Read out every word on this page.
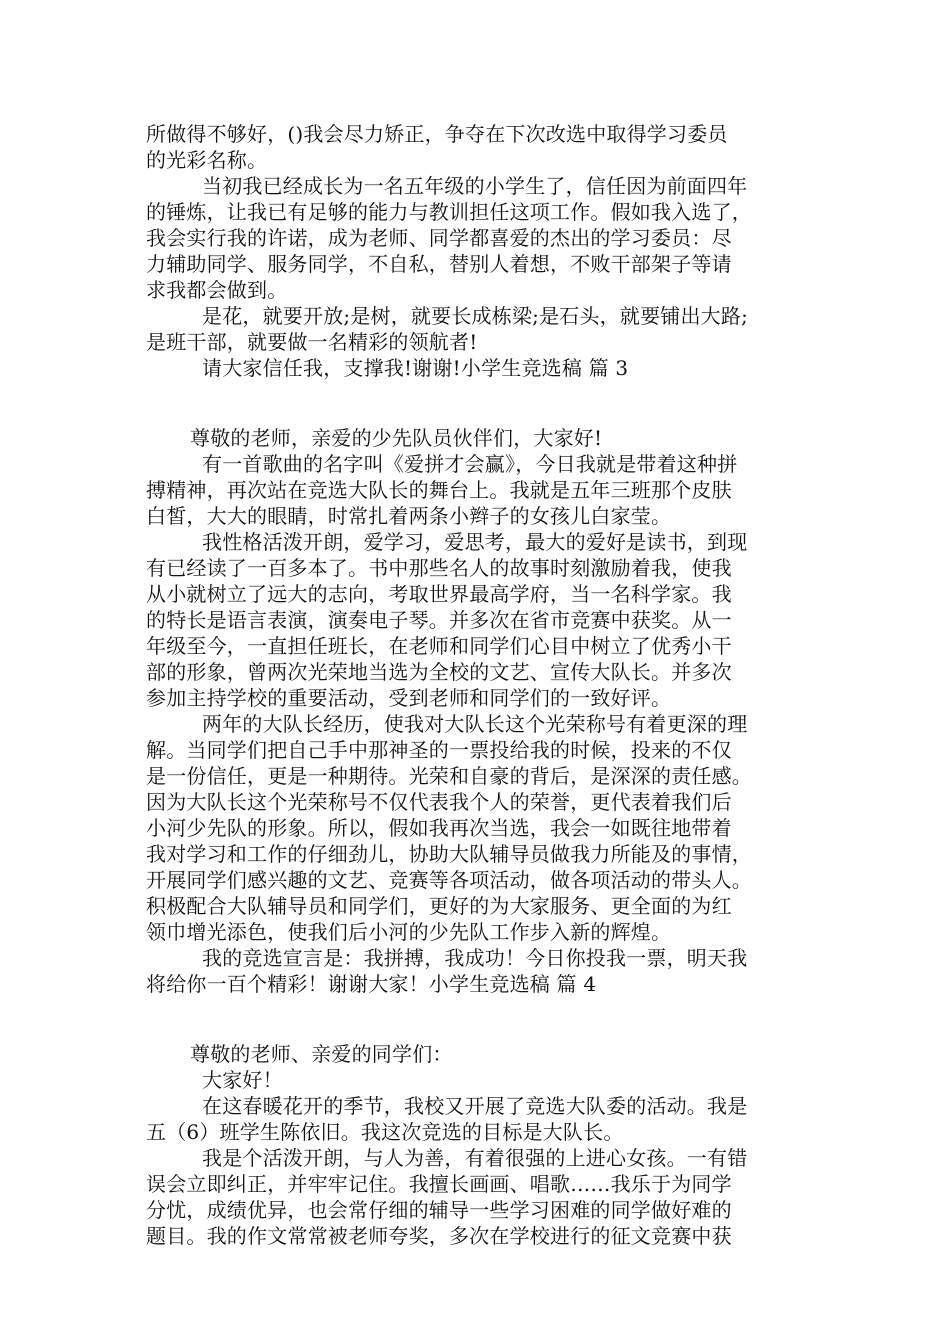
所做得不够好，()我会尽力矫正，争夺在下次改选中取得学习委员
的光彩名称。
当初我已经成长为一名五年级的小学生了，信任因为前面四年
的锤炼，让我已有足够的能力与教训担任这项工作。假如我入选了，
我会实行我的许诺，成为老师、同学都喜爱的杰出的学习委员：尽
力辅助同学、服务同学，不自私，替别人着想，不败干部架子等请
求我都会做到。
是花，就要开放;是树，就要长成栋梁;是石头，就要铺出大路;
是班干部，就要做一名精彩的领航者!
请大家信任我，支撑我!谢谢!小学生竞选稿 篇 3
尊敬的老师，亲爱的少先队员伙伴们，大家好!
有一首歌曲的名字叫《爱拼才会赢》，今日我就是带着这种拼
搏精神，再次站在竞选大队长的舞台上。我就是五年三班那个皮肤
白皙，大大的眼睛，时常扎着两条小辫子的女孩儿白家莹。
我性格活泼开朗，爱学习，爱思考，最大的爱好是读书，到现
有已经读了一百多本了。书中那些名人的故事时刻激励着我，使我
从小就树立了远大的志向，考取世界最高学府，当一名科学家。我
的特长是语言表演，演奏电子琴。并多次在省市竞赛中获奖。从一
年级至今，一直担任班长，在老师和同学们心目中树立了优秀小干
部的形象，曾两次光荣地当选为全校的文艺、宣传大队长。并多次
参加主持学校的重要活动，受到老师和同学们的一致好评。
两年的大队长经历，使我对大队长这个光荣称号有着更深的理
解。当同学们把自己手中那神圣的一票投给我的时候，投来的不仅
是一份信任，更是一种期待。光荣和自豪的背后，是深深的责任感。
因为大队长这个光荣称号不仅代表我个人的荣誉，更代表着我们后
小河少先队的形象。所以，假如我再次当选，我会一如既往地带着
我对学习和工作的仔细劲儿，协助大队辅导员做我力所能及的事情，
开展同学们感兴趣的文艺、竞赛等各项活动，做各项活动的带头人。
积极配合大队辅导员和同学们，更好的为大家服务、更全面的为红
领巾增光添色，使我们后小河的少先队工作步入新的辉煌。
我的竞选宣言是：我拼搏，我成功！今日你投我一票，明天我
将给你一百个精彩！谢谢大家！小学生竞选稿 篇 4
尊敬的老师、亲爱的同学们：
大家好！
在这春暖花开的季节，我校又开展了竞选大队委的活动。我是
五（6）班学生陈依旧。我这次竞选的目标是大队长。
我是个活泼开朗，与人为善，有着很强的上进心女孩。一有错
误会立即纠正，并牢牢记住。我擅长画画、唱歌……我乐于为同学
分忧，成绩优异，也会常仔细的辅导一些学习困难的同学做好难的
题目。我的作文常常被老师夸奖，多次在学校进行的征文竞赛中获
